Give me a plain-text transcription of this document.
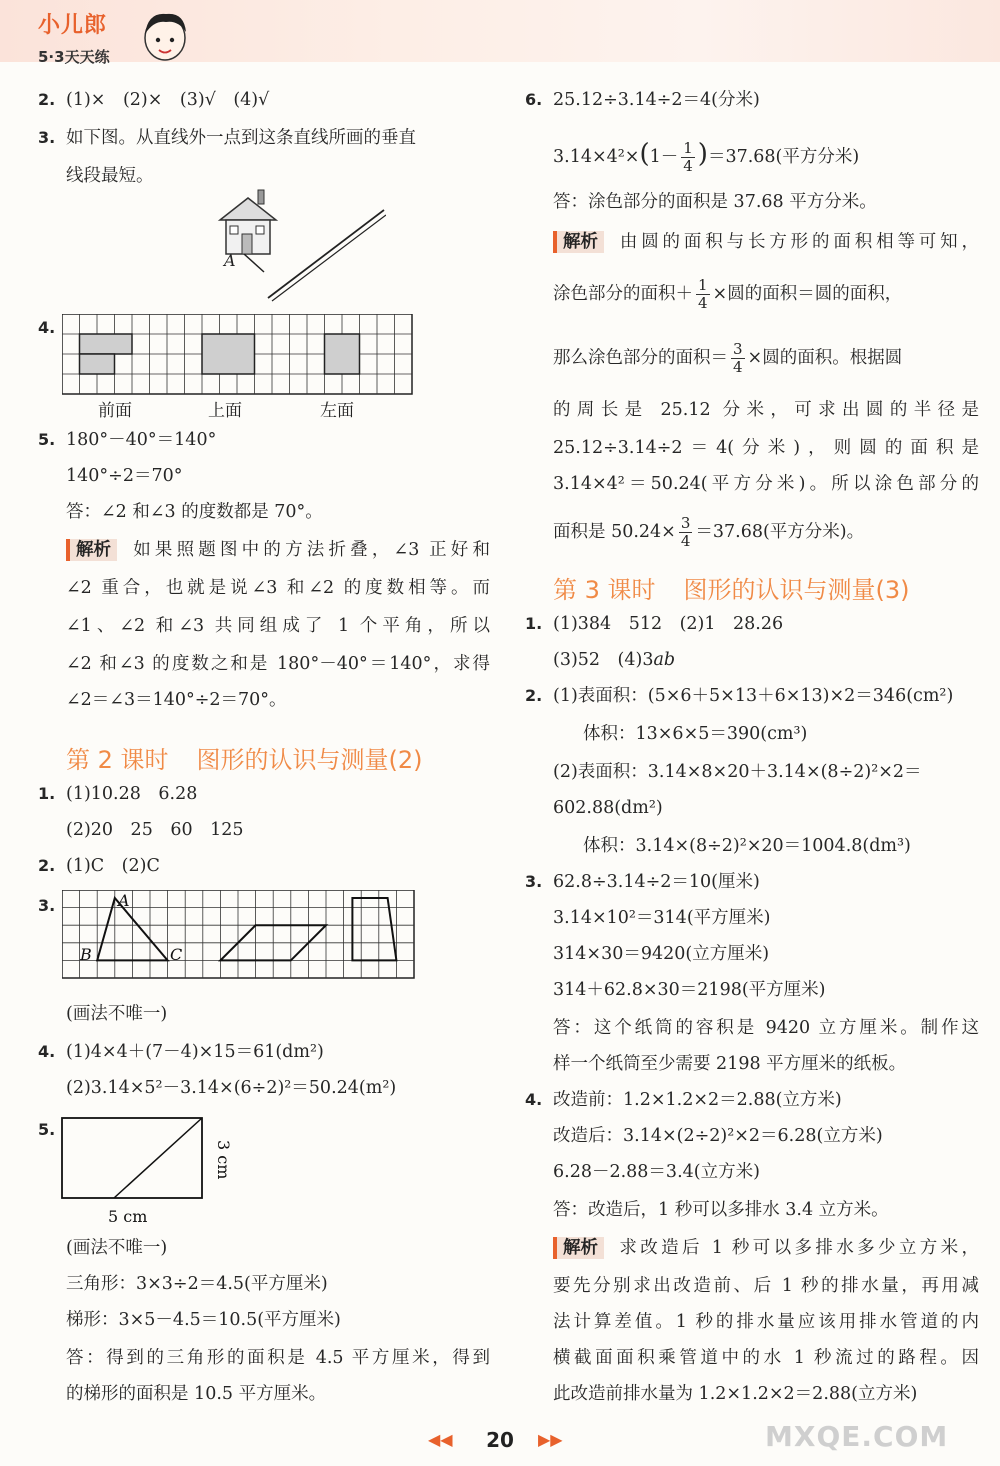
小儿郎
5·3天天练
2. (1)×　(2)×　(3)√　(4)√
3. 如下图。从直线外一点到这条直线所画的垂直
线段最短。
A
4.
前面	上面	左面
5. 180°－40°＝140°
140°÷2＝70°
答：∠2 和∠3 的度数都是 70°。
解析 如果照题图中的方法折叠，∠3 正好和
∠2 重合，也就是说∠3 和∠2 的度数相等。而
∠1、∠2 和∠3 共同组成了 1 个平角，所以
∠2 和∠3 的度数之和是 180°－40°＝140°，求得
∠2＝∠3＝140°÷2＝70°。
第 2 课时 图形的认识与测量(2)
1. (1)10.28　6.28
(2)20　25　60　125
2. (1)C　(2)C
3.	A
B	C
(画法不唯一)
4. (1)4×4＋(7－4)×15＝61(dm²)
(2)3.14×5²－3.14×(6÷2)²＝50.24(m²)
5.
3 cm
5 cm
(画法不唯一)
三角形：3×3÷2＝4.5(平方厘米)
梯形：3×5－4.5＝10.5(平方厘米)
答：得到的三角形的面积是 4.5 平方厘米，得到
的梯形的面积是 10.5 平方厘米。
6. 25.12÷3.14÷2＝4(分米)
$3.14\times 4^2\times(1- \frac{1}{4} )=37.68$(平方分米)
答：涂色部分的面积是 37.68 平方分米。
解析 由圆的面积与长方形的面积相等可知，
涂色部分的面积＋ $\frac{1}{4}$ ×圆的面积＝圆的面积，
那么涂色部分的面积＝ $\frac{3}{4}$ ×圆的面积。根据圆
的周长是 25.12 分米，可求出圆的半径是
25.12÷3.14÷2＝4(分米)，则圆的面积是
3.14×4²＝50.24(平方分米)。所以涂色部分的
面积是 $50.24\times \frac{3}{4} =37.68$(平方分米)。
第 3 课时 图形的认识与测量(3)
1. (1)384　512　(2)1　28.26
(3)52　(4)3ab
2. (1)表面积：(5×6＋5×13＋6×13)×2＝346(cm²)
体积：13×6×5＝390(cm³)
(2)表面积：3.14×8×20＋3.14×(8÷2)²×2＝
602.88(dm²)
体积：3.14×(8÷2)²×20＝1004.8(dm³)
3. 62.8÷3.14÷2＝10(厘米)
3.14×10²＝314(平方厘米)
314×30＝9420(立方厘米)
314＋62.8×30＝2198(平方厘米)
答：这个纸筒的容积是 9420 立方厘米。制作这
样一个纸筒至少需要 2198 平方厘米的纸板。
4. 改造前：1.2×1.2×2＝2.88(立方米)
改造后：3.14×(2÷2)²×2＝6.28(立方米)
6.28－2.88＝3.4(立方米)
答：改造后，1 秒可以多排水 3.4 立方米。
解析 求改造后 1 秒可以多排水多少立方米，
要先分别求出改造前、后 1 秒的排水量，再用减
法计算差值。1 秒的排水量应该用排水管道的内
横截面面积乘管道中的水 1 秒流过的路程。因
此改造前排水量为 1.2×1.2×2＝2.88(立方米)
◀◀	20	▶▶	MXQE.COM
